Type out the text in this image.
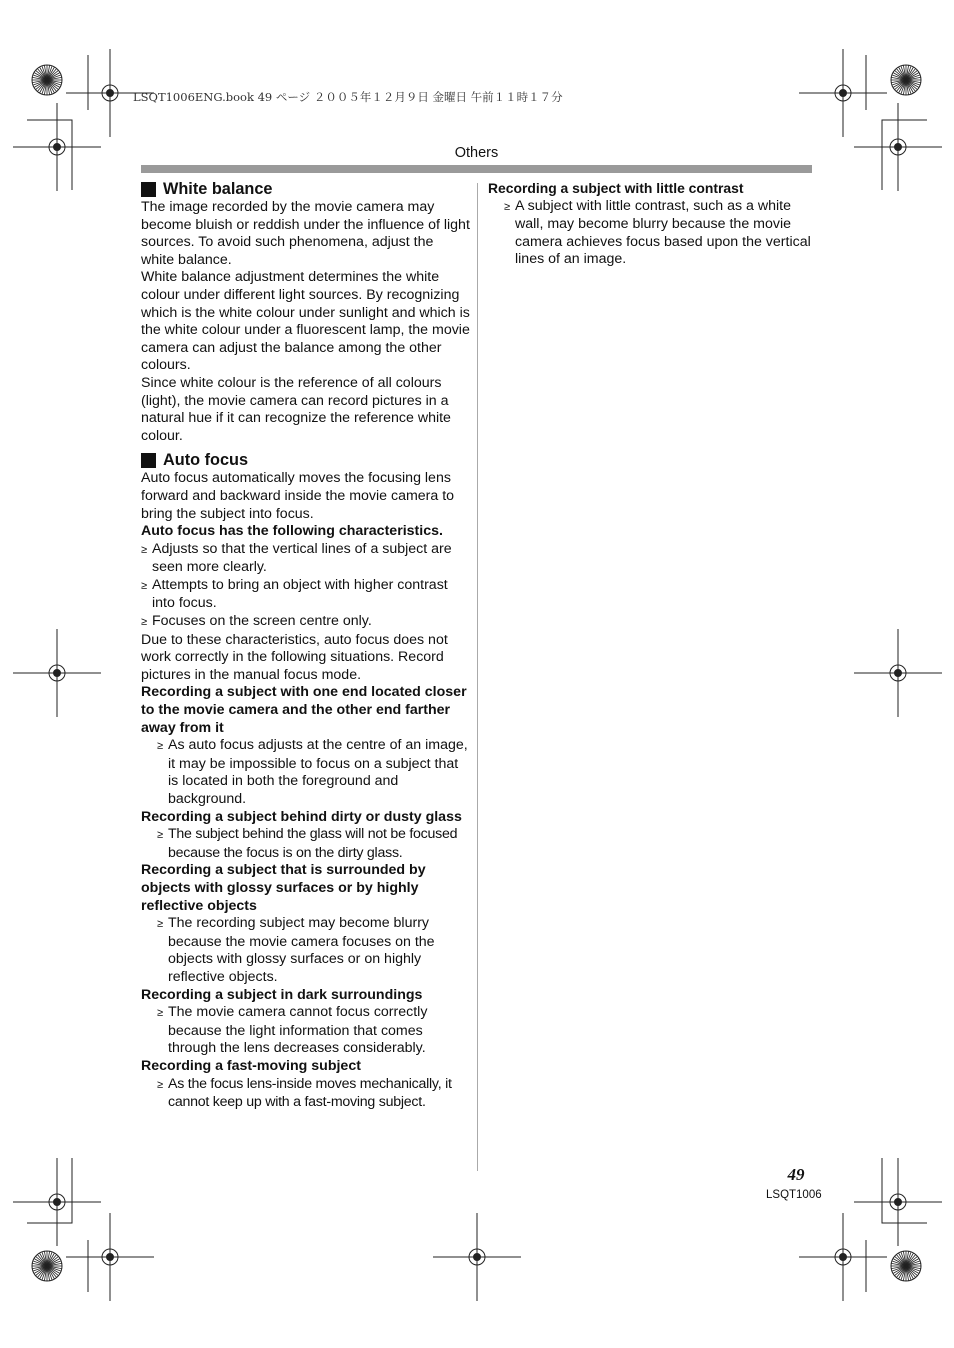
LSQT1006ENG.book 49 ページ ２００５年１２月９日 金曜日 午前１１時１７分
Others
White balance

The image recorded by the movie camera may become bluish or reddish under the influence of light sources. To avoid such phenomena, adjust the white balance.

White balance adjustment determines the white colour under different light sources. By recognizing which is the white colour under sunlight and which is the white colour under a fluorescent lamp, the movie camera can adjust the balance among the other colours.

Since white colour is the reference of all colours (light), the movie camera can record pictures in a natural hue if it can recognize the reference white colour.

Auto focus

Auto focus automatically moves the focusing lens forward and backward inside the movie camera to bring the subject into focus.

Auto focus has the following characteristics.

≥ Adjusts so that the vertical lines of a subject are seen more clearly.

≥ Attempts to bring an object with higher contrast into focus.

≥ Focuses on the screen centre only.

Due to these characteristics, auto focus does not work correctly in the following situations. Record pictures in the manual focus mode.

Recording a subject with one end located closer to the movie camera and the other end farther away from it

≥ As auto focus adjusts at the centre of an image, it may be impossible to focus on a subject that is located in both the foreground and background.

Recording a subject behind dirty or dusty glass

≥ The subject behind the glass will not be focused because the focus is on the dirty glass.

Recording a subject that is surrounded by objects with glossy surfaces or by highly reflective objects

≥ The recording subject may become blurry because the movie camera focuses on the objects with glossy surfaces or on highly reflective objects.

Recording a subject in dark surroundings

≥ The movie camera cannot focus correctly because the light information that comes through the lens decreases considerably.

Recording a fast-moving subject

≥ As the focus lens-inside moves mechanically, it cannot keep up with a fast-moving subject.

Recording a subject with little contrast

≥ A subject with little contrast, such as a white wall, may become blurry because the movie camera achieves focus based upon the vertical lines of an image.

49
LSQT1006
